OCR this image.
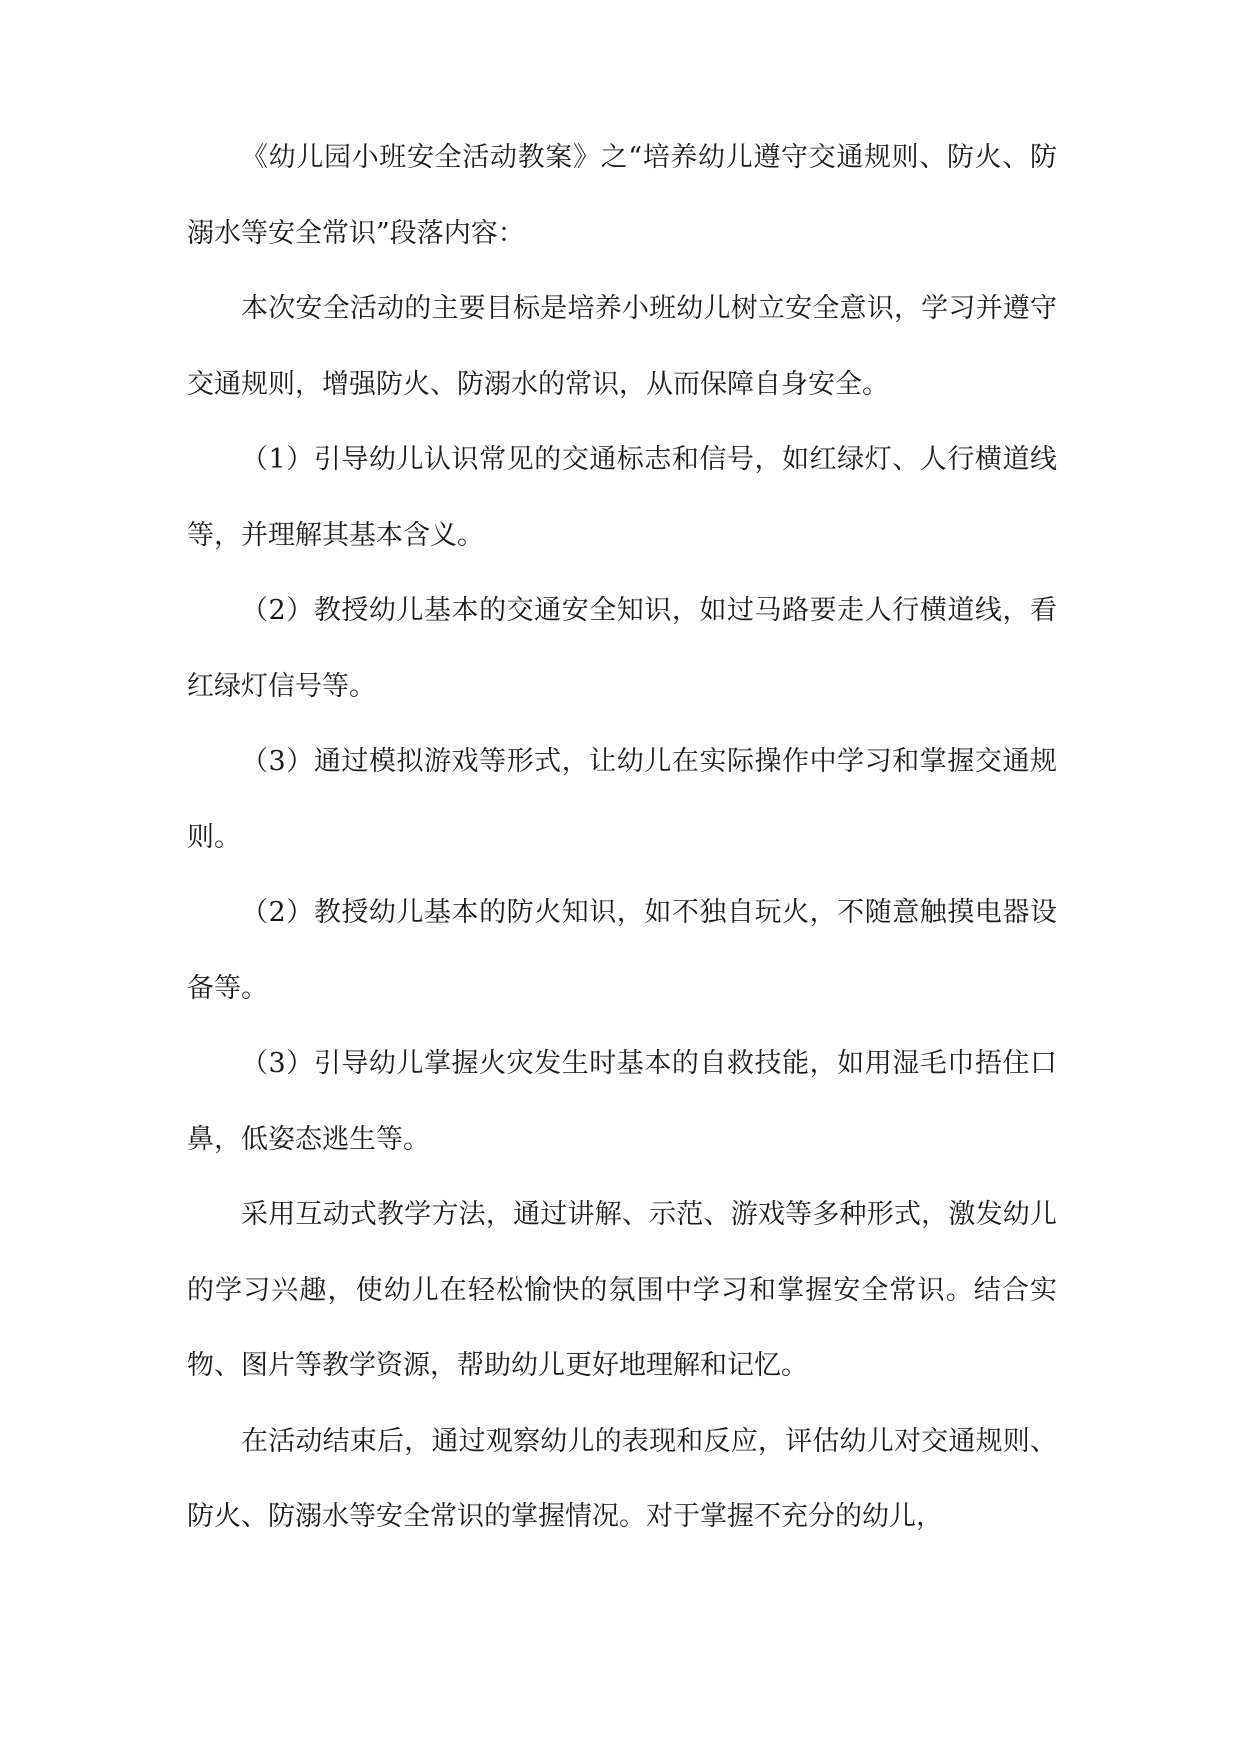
《幼儿园小班安全活动教案》之“培养幼儿遵守交通规则、防火、防溺水等安全常识”段落内容：

本次安全活动的主要目标是培养小班幼儿树立安全意识，学习并遵守交通规则，增强防火、防溺水的常识，从而保障自身安全。

（1）引导幼儿认识常见的交通标志和信号，如红绿灯、人行横道线等，并理解其基本含义。

（2）教授幼儿基本的交通安全知识，如过马路要走人行横道线，看红绿灯信号等。

（3）通过模拟游戏等形式，让幼儿在实际操作中学习和掌握交通规则。

（2）教授幼儿基本的防火知识，如不独自玩火，不随意触摸电器设备等。

（3）引导幼儿掌握火灾发生时基本的自救技能，如用湿毛巾捂住口鼻，低姿态逃生等。

采用互动式教学方法，通过讲解、示范、游戏等多种形式，激发幼儿的学习兴趣，使幼儿在轻松愉快的氛围中学习和掌握安全常识。结合实物、图片等教学资源，帮助幼儿更好地理解和记忆。

在活动结束后，通过观察幼儿的表现和反应，评估幼儿对交通规则、防火、防溺水等安全常识的掌握情况。对于掌握不充分的幼儿，
